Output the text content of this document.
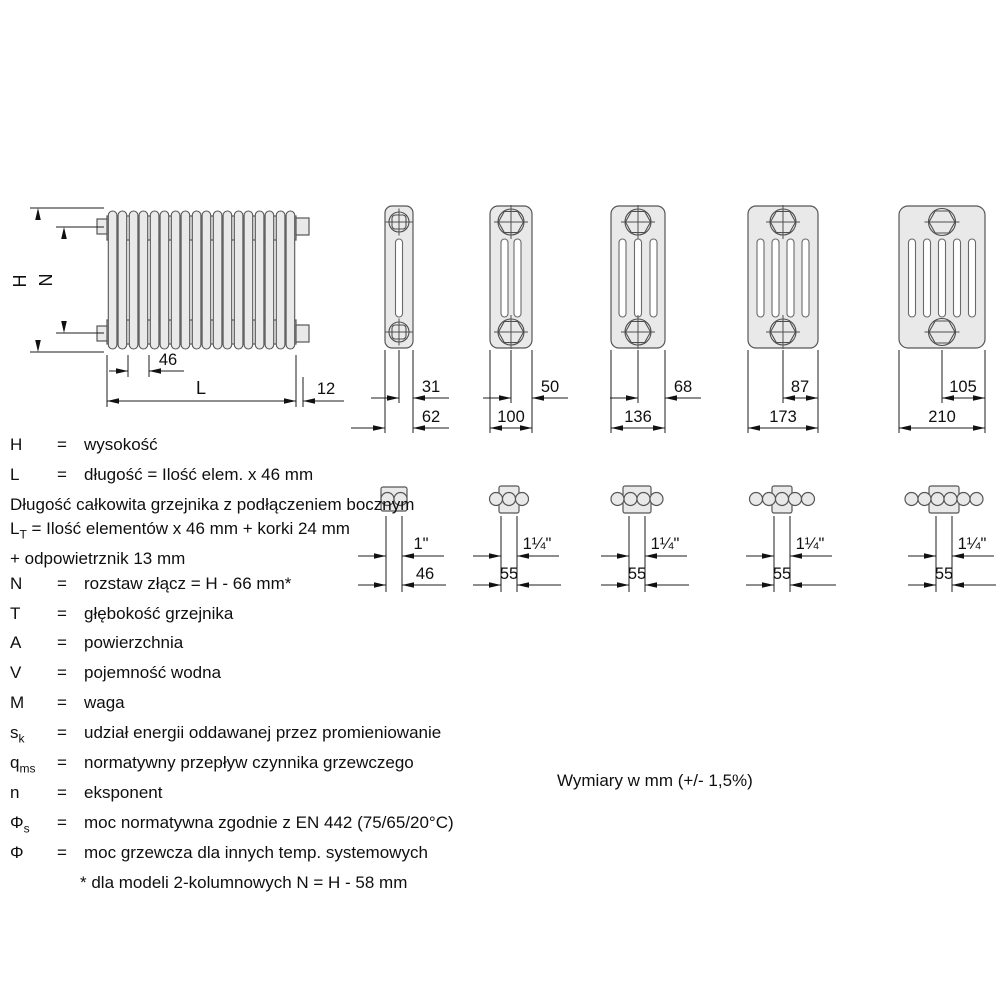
H N
46
L	12	31
62
50
100
68
136
87
173
105
210
1"
46
1¼"
55
1¼"
55
1¼"
55
1¼"
55
H = wysokość
L = długość = Ilość elem. x 46 mm
Długość całkowita grzejnika z podłączeniem bocznym
$L_T$ = Ilość elementów x 46 mm + korki 24 mm
+ odpowietrznik 13 mm
N = rozstaw złącz = H - 66 mm*
T = głębokość grzejnika
A = powierzchnia
V = pojemność wodna
M = waga
$s_k$ = udział energii oddawanej przez promieniowanie
$q_{ms}$ = normatywny przepływ czynnika grzewczego
n = eksponent
$\Phi_s$ = moc normatywna zgodnie z EN 442 (75/65/20°C)
Φ = moc grzewcza dla innych temp. systemowych
* dla modeli 2-kolumnowych N = H - 58 mm
Wymiary w mm (+/- 1,5%)
